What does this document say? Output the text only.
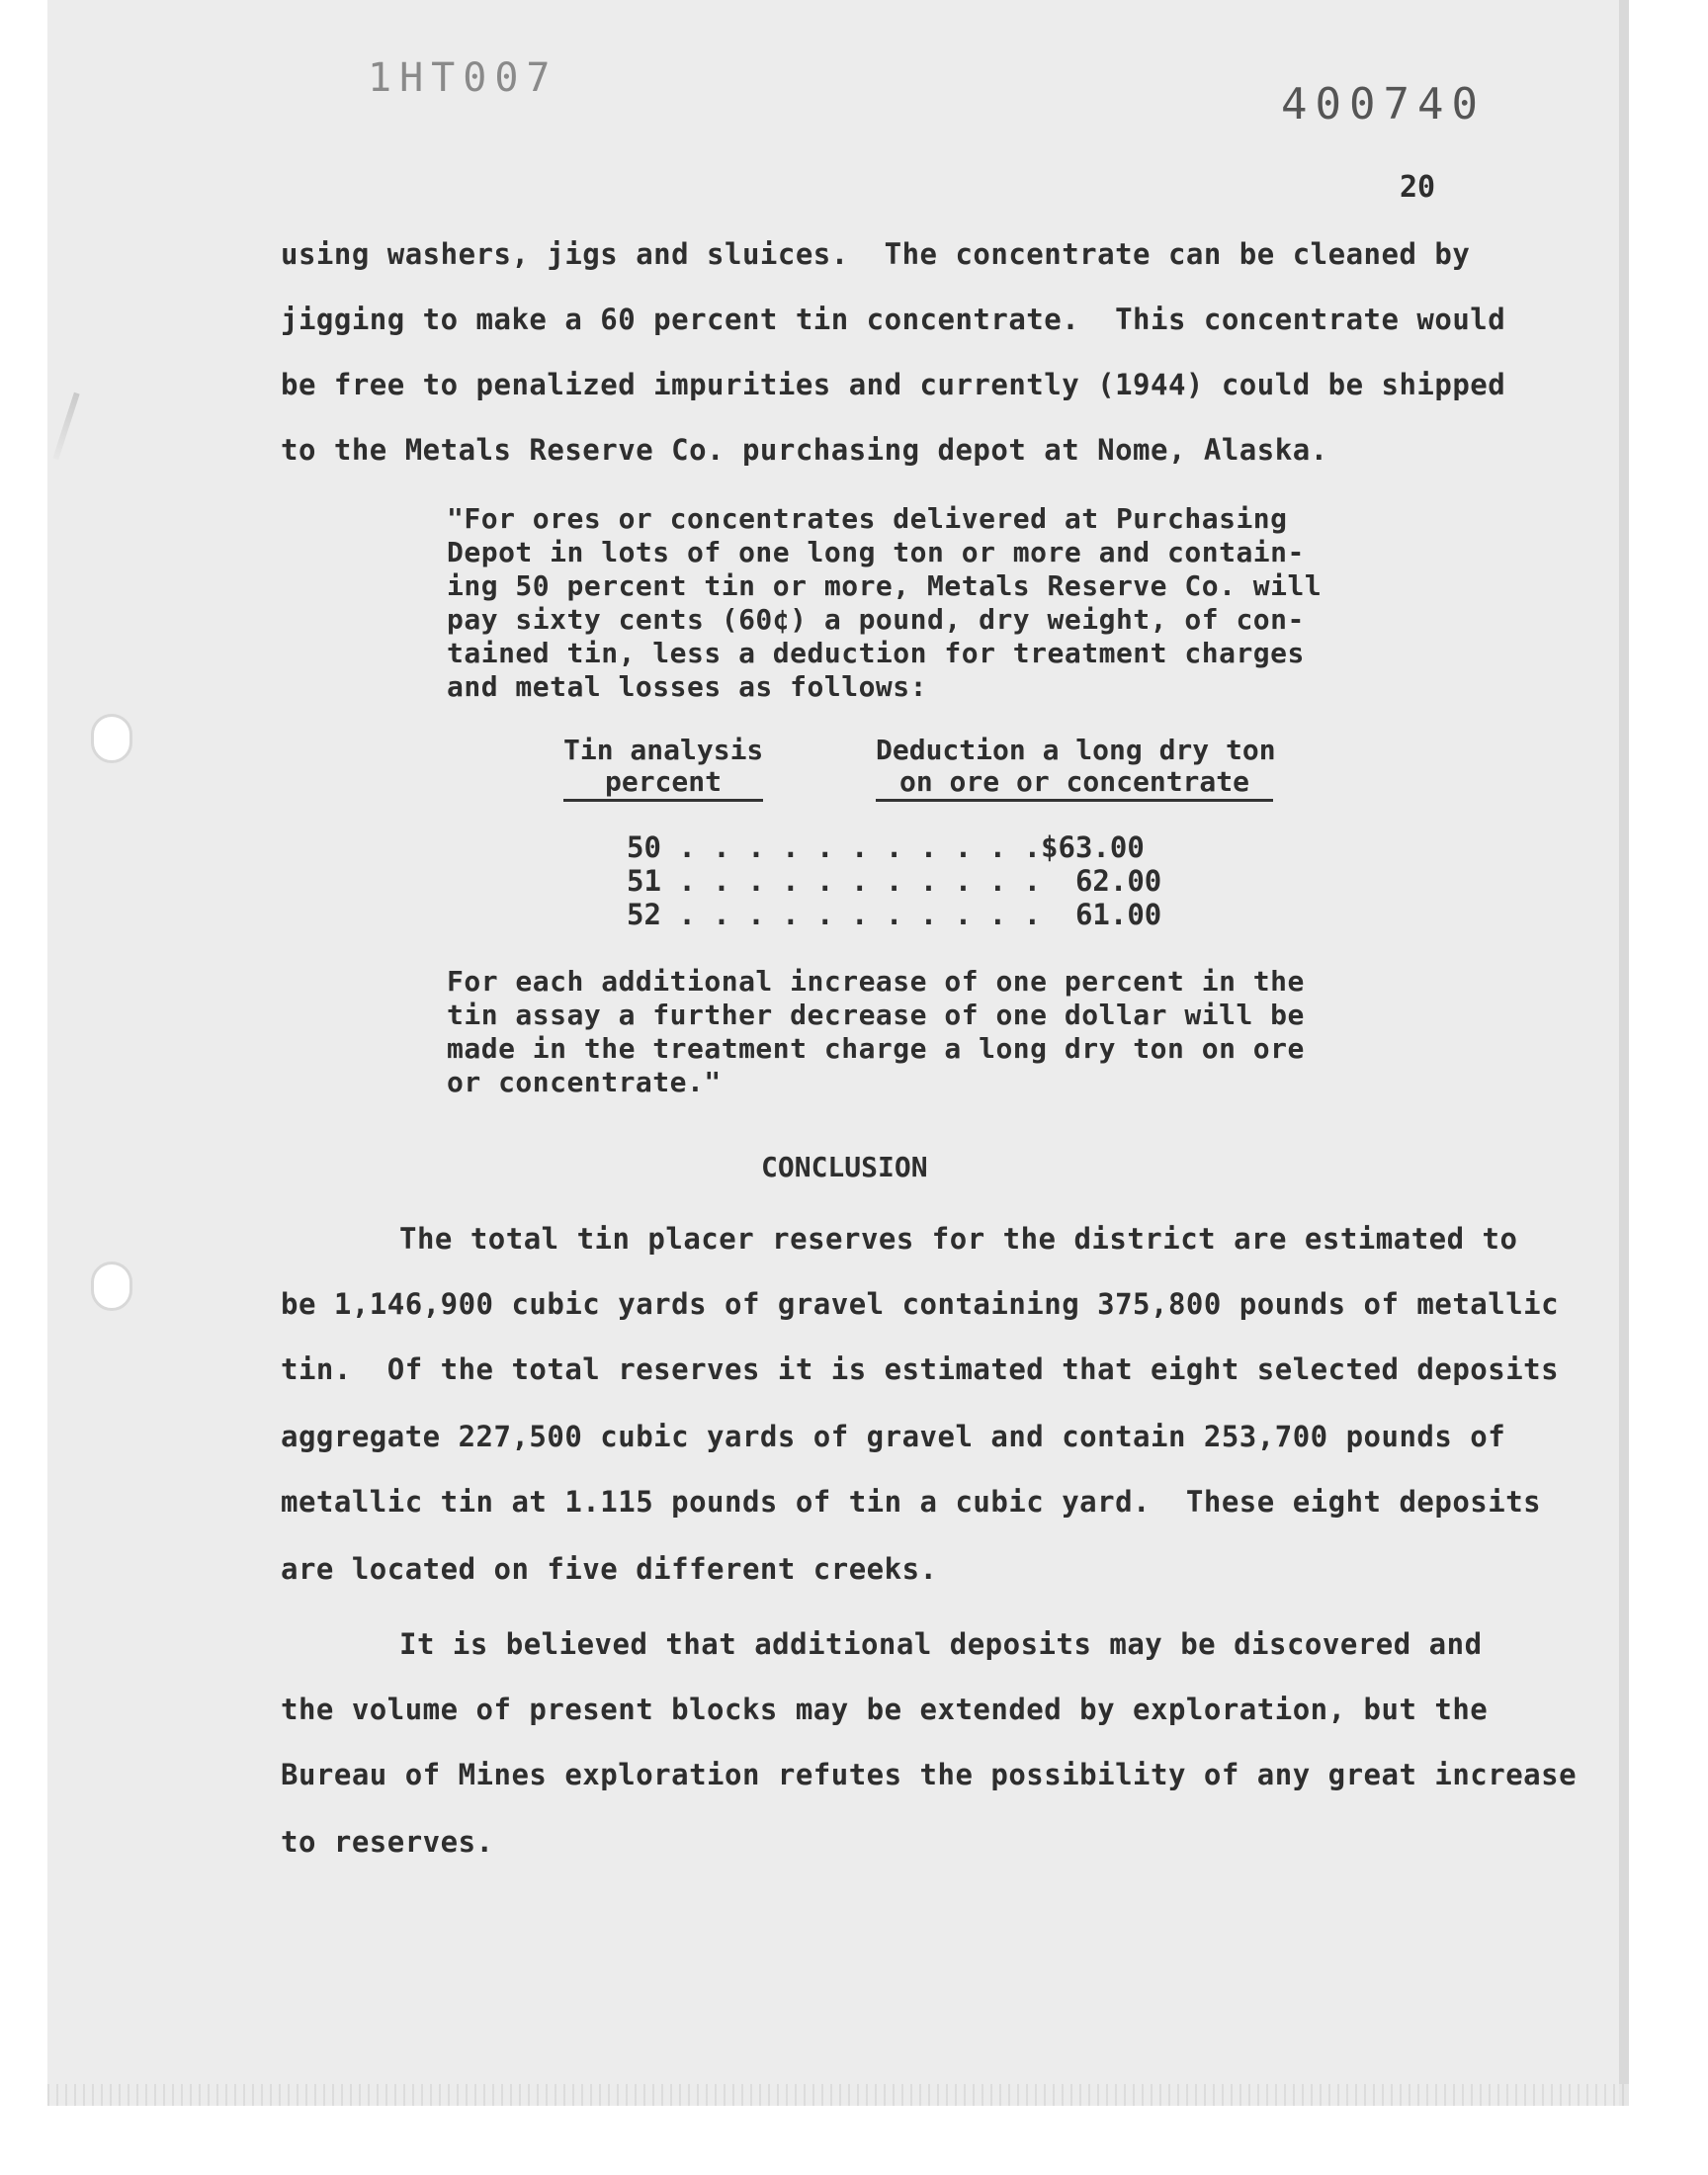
1HT007
400740
20

using washers, jigs and sluices.  The concentrate can be cleaned by

jigging to make a 60 percent tin concentrate.  This concentrate would

be free to penalized impurities and currently (1944) could be shipped

to the Metals Reserve Co. purchasing depot at Nome, Alaska.

"For ores or concentrates delivered at Purchasing

Depot in lots of one long ton or more and contain-

ing 50 percent tin or more, Metals Reserve Co. will

pay sixty cents (60¢) a pound, dry weight, of con-

tained tin, less a deduction for treatment charges

and metal losses as follows:

Tin analysis
percent
Deduction a long dry ton
on ore or concentrate
50 . . . . . . . . . . .$63.00
51 . . . . . . . . . . .  62.00
52 . . . . . . . . . . .  61.00

For each additional increase of one percent in the

tin assay a further decrease of one dollar will be

made in the treatment charge a long dry ton on ore

or concentrate."

CONCLUSION

The total tin placer reserves for the district are estimated to

be 1,146,900 cubic yards of gravel containing 375,800 pounds of metallic

tin.  Of the total reserves it is estimated that eight selected deposits

aggregate 227,500 cubic yards of gravel and contain 253,700 pounds of

metallic tin at 1.115 pounds of tin a cubic yard.  These eight deposits

are located on five different creeks.

It is believed that additional deposits may be discovered and

the volume of present blocks may be extended by exploration, but the

Bureau of Mines exploration refutes the possibility of any great increase

to reserves.
